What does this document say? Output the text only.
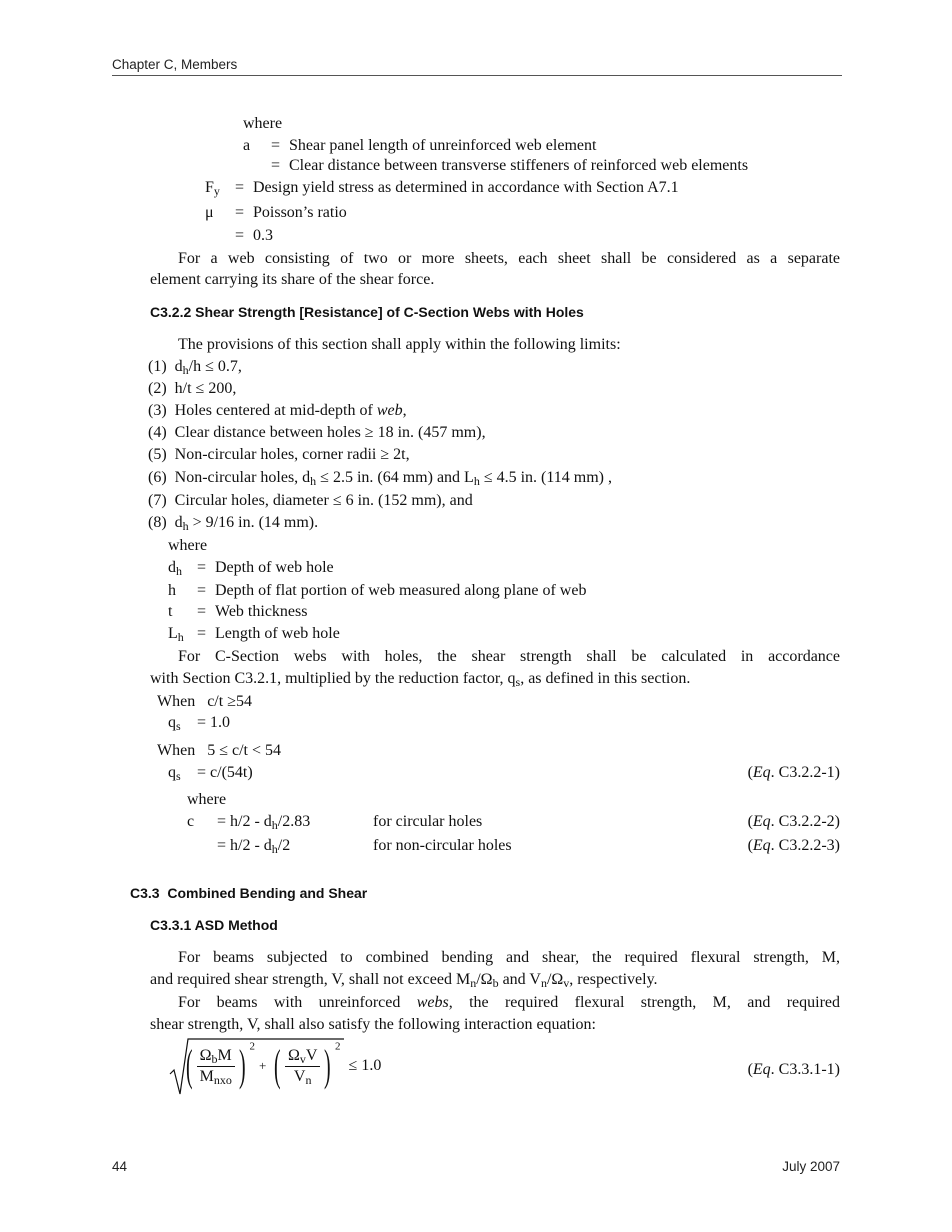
Chapter C, Members
where
a = Shear panel length of unreinforced web element
= Clear distance between transverse stiffeners of reinforced web elements
$F_y$ = Design yield stress as determined in accordance with Section A7.1
μ = Poisson’s ratio
= 0.3
For a web consisting of two or more sheets, each sheet shall be considered as a separate
element carrying its share of the shear force.
C3.2.2 Shear Strength [Resistance] of C-Section Webs with Holes
The provisions of this section shall apply within the following limits:
(1) $d_h/h \le 0.7$,
(2) h/t ≤ 200,
(3) Holes centered at mid-depth of web,
(4) Clear distance between holes ≥ 18 in. (457 mm),
(5) Non-circular holes, corner radii ≥ 2t,
(6) Non-circular holes, $d_h \le 2.5$ in. (64 mm) and $L_h \le 4.5$ in. (114 mm) ,
(7) Circular holes, diameter ≤ 6 in. (152 mm), and
(8) $d_h > 9/16$ in. (14 mm).
where
$d_h$ = Depth of web hole
h = Depth of flat portion of web measured along plane of web
t = Web thickness
$L_h$ = Length of web hole
For C-Section webs with holes, the shear strength shall be calculated in accordance
with Section C3.2.1, multiplied by the reduction factor, $q_s$, as defined in this section.
When   c/t ≥54
$q_s = 1.0$
When   5 ≤ c/t < 54
$q_s = c/(54t)$	(Eq. C3.2.2-1)
where
$c = h/2 - d_h/2.83$	for circular holes	(Eq. C3.2.2-2)
= $h/2 - d_h/2$	for non-circular holes	(Eq. C3.2.2-3)
C3.3  Combined Bending and Shear
C3.3.1 ASD Method
For beams subjected to combined bending and shear, the required flexural strength, M,
and required shear strength, V, shall not exceed $M_n/\Omega_b$ and $V_n/\Omega_v$, respectively.
For beams with unreinforced webs, the required flexural strength, M, and required
shear strength, V, shall also satisfy the following interaction equation:
( $\frac{\Omega_bM}{M_{nxo}}$ ) $^2$ + ( $\frac{\Omega_vV}{V_n}$ ) $^2$ ≤ 1.0	(Eq. C3.3.1-1)
44	July 2007
